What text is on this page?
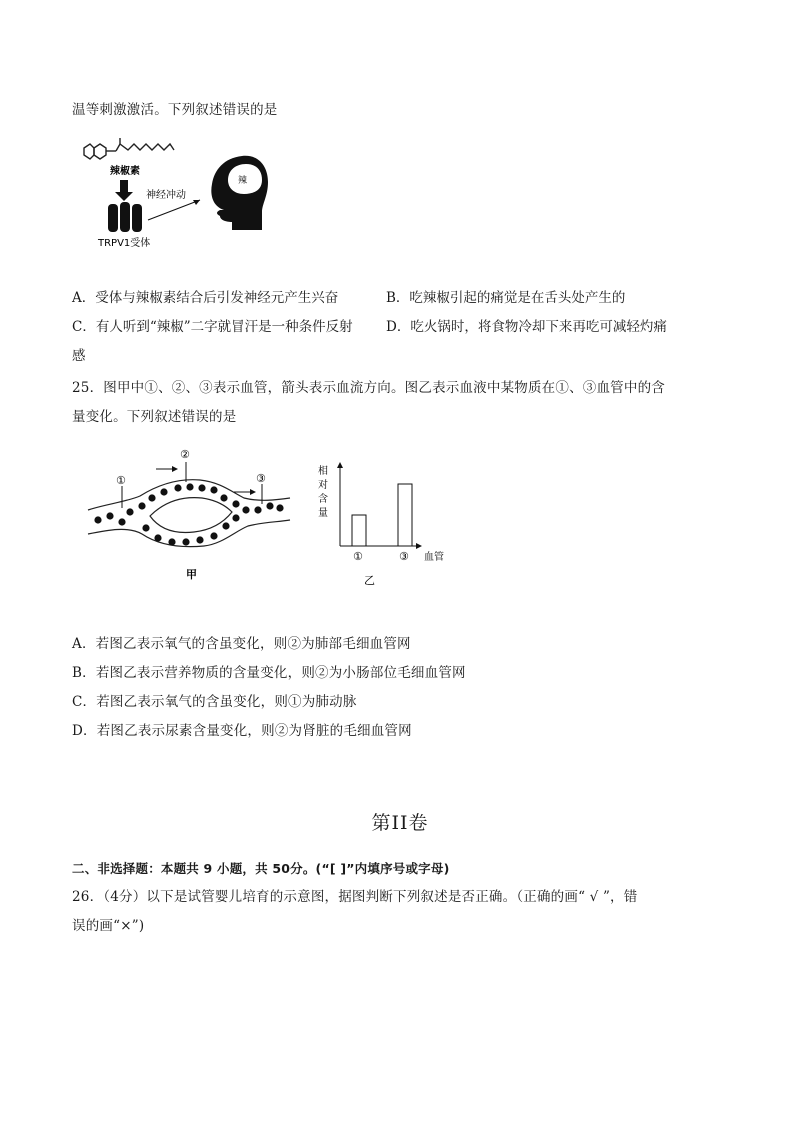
温等刺激激活。下列叙述错误的是
辣椒素
TRPV1受体
神经冲动
辣
A．受体与辣椒素结合后引发神经元产生兴奋	B．吃辣椒引起的痛觉是在舌头处产生的
C．有人听到“辣椒”二字就冒汗是一种条件反射 D．吃火锅时，将食物冷却下来再吃可减轻灼痛
感
25．图甲中①、②、③表示血管，箭头表示血流方向。图乙表示血液中某物质在①、③血管中的含
量变化。下列叙述错误的是
①
②
③
甲
相
对
含
量
①	③ 血管
乙
A．若图乙表示氧气的含虽变化，则②为肺部毛细血管网
B．若图乙表示营养物质的含量变化，则②为小肠部位毛细血管网
C．若图乙表示氧气的含虽变化，则①为肺动脉
D．若图乙表示尿素含量变化，则②为肾脏的毛细血管网
第II卷
二、非选择题：本题共 9 小题，共 50分。(“[ ]”内填序号或字母)
26．（4分）以下是试管婴儿培育的示意图，据图判断下列叙述是否正确。（正确的画“ √ ”，错
误的画“×”)
